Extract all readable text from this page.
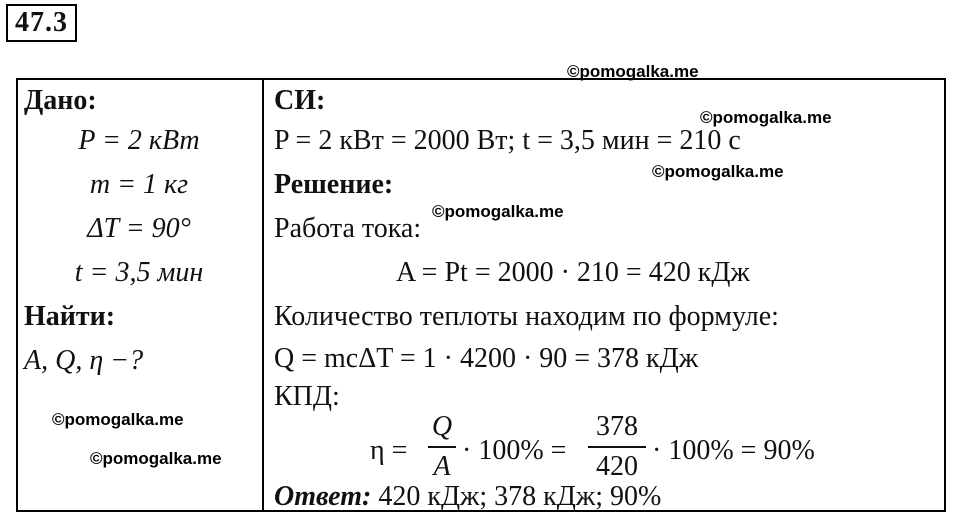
47.3
Дано:
P = 2 кВт
m = 1 кг
ΔT = 90°
t = 3,5 мин
Найти:
A, Q, η −?
СИ:
P = 2 кВт = 2000 Вт; t = 3,5 мин = 210 с
Решение:
Работа тока:
A = Pt = 2000 · 210 = 420 кДж
Количество теплоты находим по формуле:
Q = mcΔT = 1 · 4200 · 90 = 378 кДж
КПД:
η =
Q
A
· 100% =
378
420
· 100% = 90%
Ответ: 420 кДж; 378 кДж; 90%
©pomogalka.me
©pomogalka.me
©pomogalka.me
©pomogalka.me
©pomogalka.me
©pomogalka.me
